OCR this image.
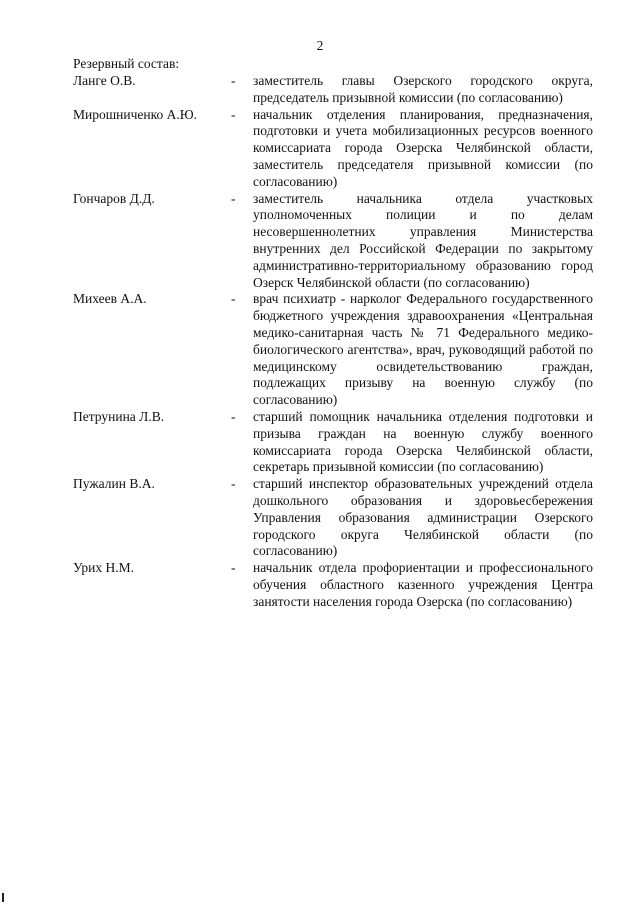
2
Резервный состав:
Ланге О.В.	-	заместитель главы Озерского городского округа, председатель призывной комиссии (по согласованию)
Мирошниченко А.Ю.	-	начальник отделения планирования, предназначения, подготовки и учета мобилизационных ресурсов военного комиссариата города Озерска Челябинской области, заместитель председателя призывной комиссии (по согласованию)
Гончаров Д.Д.	-	заместитель начальника отдела участковых уполномоченных полиции и по делам несовершеннолетних управления Министерства внутренних дел Российской Федерации по закрытому административно-территориальному образованию город Озерск Челябинской области (по согласованию)
Михеев А.А.	-	врач психиатр - нарколог Федерального государственного бюджетного учреждения здравоохранения «Центральная медико-санитарная часть № 71 Федерального медико-биологического агентства», врач, руководящий работой по медицинскому освидетельствованию граждан, подлежащих призыву на военную службу (по согласованию)
Петрунина Л.В.	-	старший помощник начальника отделения подготовки и призыва граждан на военную службу военного комиссариата города Озерска Челябинской области, секретарь призывной комиссии (по согласованию)
Пужалин В.А.	-	старший инспектор образовательных учреждений отдела дошкольного образования и здоровьесбережения Управления образования администрации Озерского городского округа Челябинской области (по согласованию)
Урих Н.М.	-	начальник отдела профориентации и профессионального обучения областного казенного учреждения Центра занятости населения города Озерска (по согласованию)
